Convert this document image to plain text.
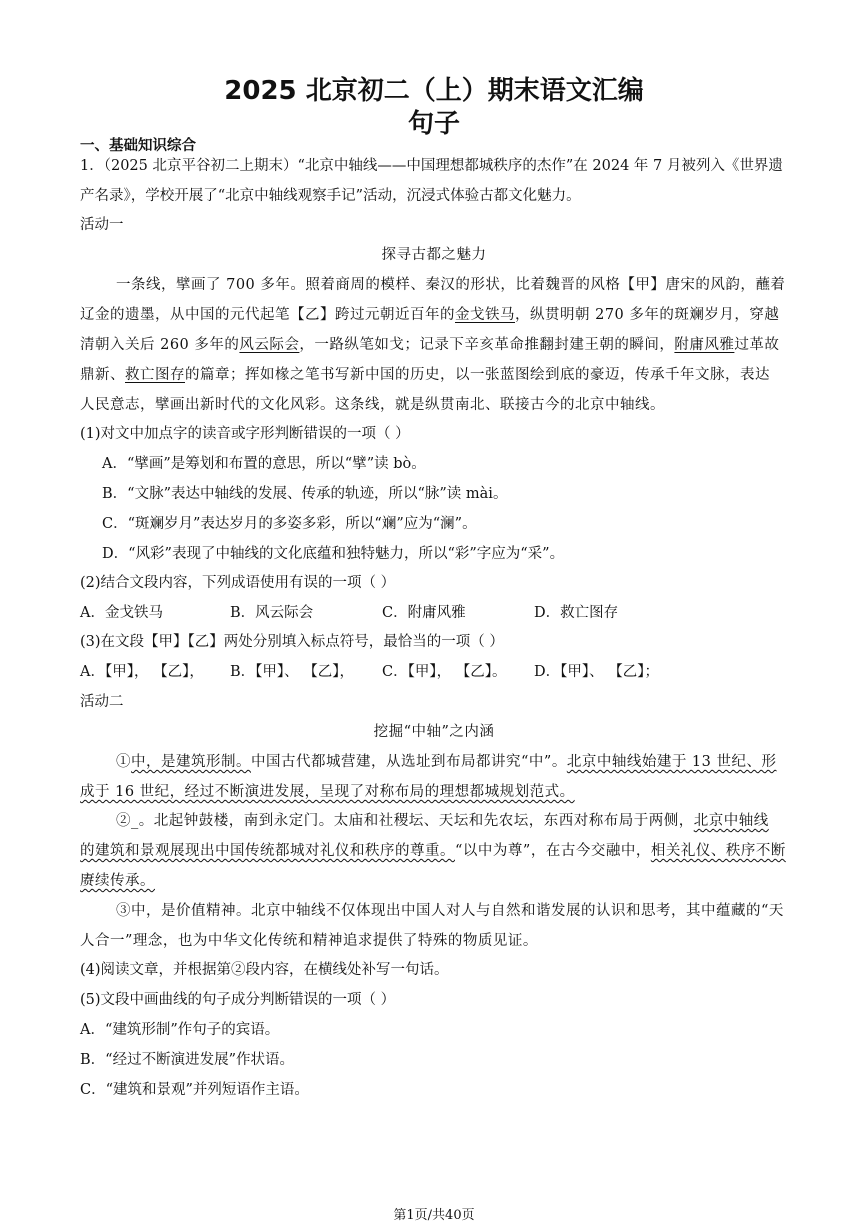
2025 北京初二（上）期末语文汇编
句子
一、基础知识综合
1．（2025 北京平谷初二上期末）“北京中轴线——中国理想都城秩序的杰作”在 2024 年 7 月被列入《世界遗
产名录》，学校开展了“北京中轴线观察手记”活动，沉浸式体验古都文化魅力。
活动一
探寻古都之魅力
一条线，擘画了 700 多年。照着商周的模样、秦汉的形状，比着魏晋的风格【甲】唐宋的风韵，蘸着
辽金的遗墨，从中国的元代起笔【乙】跨过元朝近百年的金戈铁马，纵贯明朝 270 多年的斑斓岁月，穿越
清朝入关后 260 多年的风云际会，一路纵笔如戈；记录下辛亥革命推翻封建王朝的瞬间，附庸风雅过革故
鼎新、救亡图存的篇章；挥如椽之笔书写新中国的历史，以一张蓝图绘到底的豪迈，传承千年文脉，表达
人民意志，擘画出新时代的文化风彩。这条线，就是纵贯南北、联接古今的北京中轴线。
(1)对文中加点字的读音或字形判断错误的一项（ ）
A．“擘画”是筹划和布置的意思，所以“擘”读 bò。
B．“文脉”表达中轴线的发展、传承的轨迹，所以“脉”读 mài。
C．“斑斓岁月”表达岁月的多姿多彩，所以“斓”应为“澜”。
D．“风彩”表现了中轴线的文化底蕴和独特魅力，所以“彩”字应为“采”。
(2)结合文段内容，下列成语使用有误的一项（ ）
A．金戈铁马	B．风云际会	C．附庸风雅	D．救亡图存
(3)在文段【甲】【乙】两处分别填入标点符号，最恰当的一项（ ）
A．【甲】， 【乙】， B．【甲】、 【乙】， C．【甲】， 【乙】。 D．【甲】、 【乙】；
活动二
挖掘“中轴”之内涵
①中，是建筑形制。中国古代都城营建，从选址到布局都讲究“中”。北京中轴线始建于 13 世纪、形
成于 16 世纪，经过不断演进发展，呈现了对称布局的理想都城规划范式。
②_。北起钟鼓楼，南到永定门。太庙和社稷坛、天坛和先农坛，东西对称布局于两侧，北京中轴线
的建筑和景观展现出中国传统都城对礼仪和秩序的尊重。“以中为尊”，在古今交融中，相关礼仪、秩序不断
赓续传承。
③中，是价值精神。北京中轴线不仅体现出中国人对人与自然和谐发展的认识和思考，其中蕴藏的“天
人合一”理念，也为中华文化传统和精神追求提供了特殊的物质见证。
(4)阅读文章，并根据第②段内容，在横线处补写一句话。
(5)文段中画曲线的句子成分判断错误的一项（ ）
A．“建筑形制”作句子的宾语。
B．“经过不断演进发展”作状语。
C．“建筑和景观”并列短语作主语。
第1页/共40页
